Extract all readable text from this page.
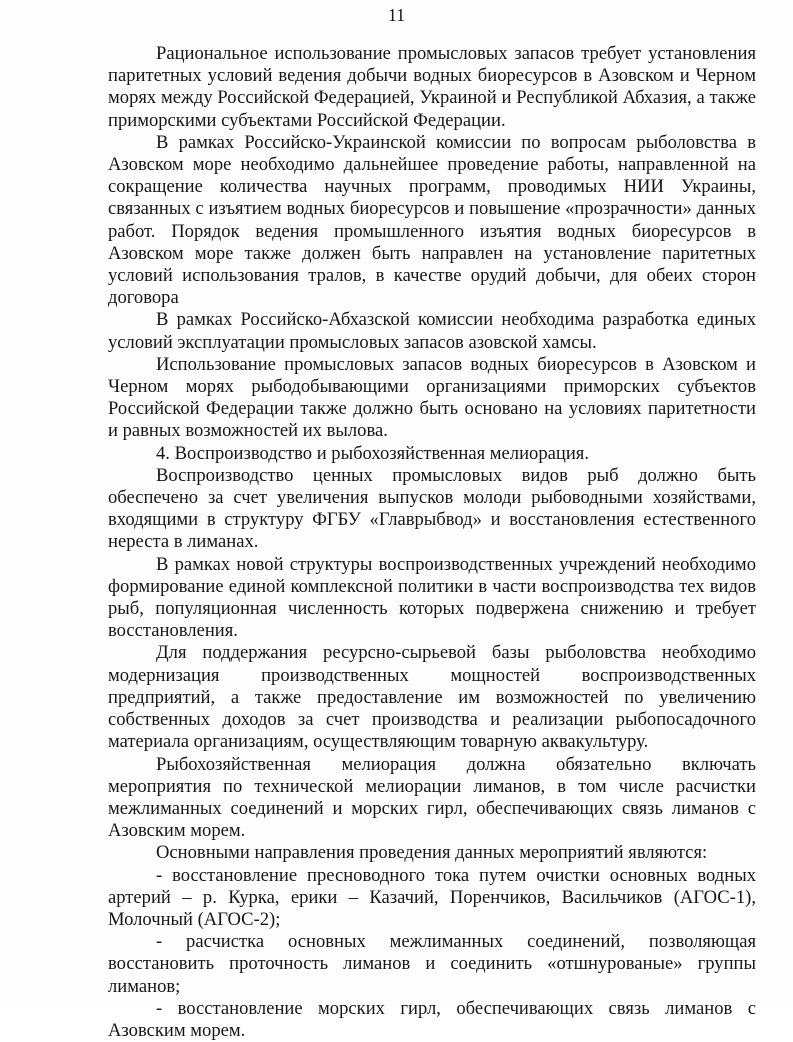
11

Рациональное использование промысловых запасов требует установления паритетных условий ведения добычи водных биоресурсов в Азовском и Черном морях между Российской Федерацией, Украиной и Республикой Абхазия, а также приморскими субъектами Российской Федерации.

В рамках Российско-Украинской комиссии по вопросам рыболовства в Азовском море необходимо дальнейшее проведение работы, направленной на сокращение количества научных программ, проводимых НИИ Украины, связанных с изъятием водных биоресурсов и повышение «прозрачности» данных работ. Порядок ведения промышленного изъятия водных биоресурсов в Азовском море также должен быть направлен на установление паритетных условий использования тралов, в качестве орудий добычи, для обеих сторон договора

В рамках Российско-Абхазской комиссии необходима разработка единых условий эксплуатации промысловых запасов азовской хамсы.

Использование промысловых запасов водных биоресурсов в Азовском и Черном морях рыбодобывающими организациями приморских субъектов Российской Федерации также должно быть основано на условиях паритетности и равных возможностей их вылова.

4. Воспроизводство и рыбохозяйственная мелиорация.

Воспроизводство ценных промысловых видов рыб должно быть обеспечено за счет увеличения выпусков молоди рыбоводными хозяйствами, входящими в структуру ФГБУ «Главрыбвод» и восстановления естественного нереста в лиманах.

В рамках новой структуры воспроизводственных учреждений необходимо формирование единой комплексной политики в части воспроизводства тех видов рыб, популяционная численность которых подвержена снижению и требует восстановления.

Для поддержания ресурсно-сырьевой базы рыболовства необходимо модернизация производственных мощностей воспроизводственных предприятий, а также предоставление им возможностей по увеличению собственных доходов за счет производства и реализации рыбопосадочного материала организациям, осуществляющим товарную аквакультуру.

Рыбохозяйственная мелиорация должна обязательно включать мероприятия по технической мелиорации лиманов, в том числе расчистки межлиманных соединений и морских гирл, обеспечивающих связь лиманов с Азовским морем.

Основными направления проведения данных мероприятий являются:

- восстановление пресноводного тока путем очистки основных водных артерий – р. Курка, ерики – Казачий, Поренчиков, Васильчиков (АГОС-1), Молочный (АГОС-2);

- расчистка основных межлиманных соединений, позволяющая восстановить проточность лиманов и соединить «отшнурованые» группы лиманов;

- восстановление морских гирл, обеспечивающих связь лиманов с Азовским морем.
